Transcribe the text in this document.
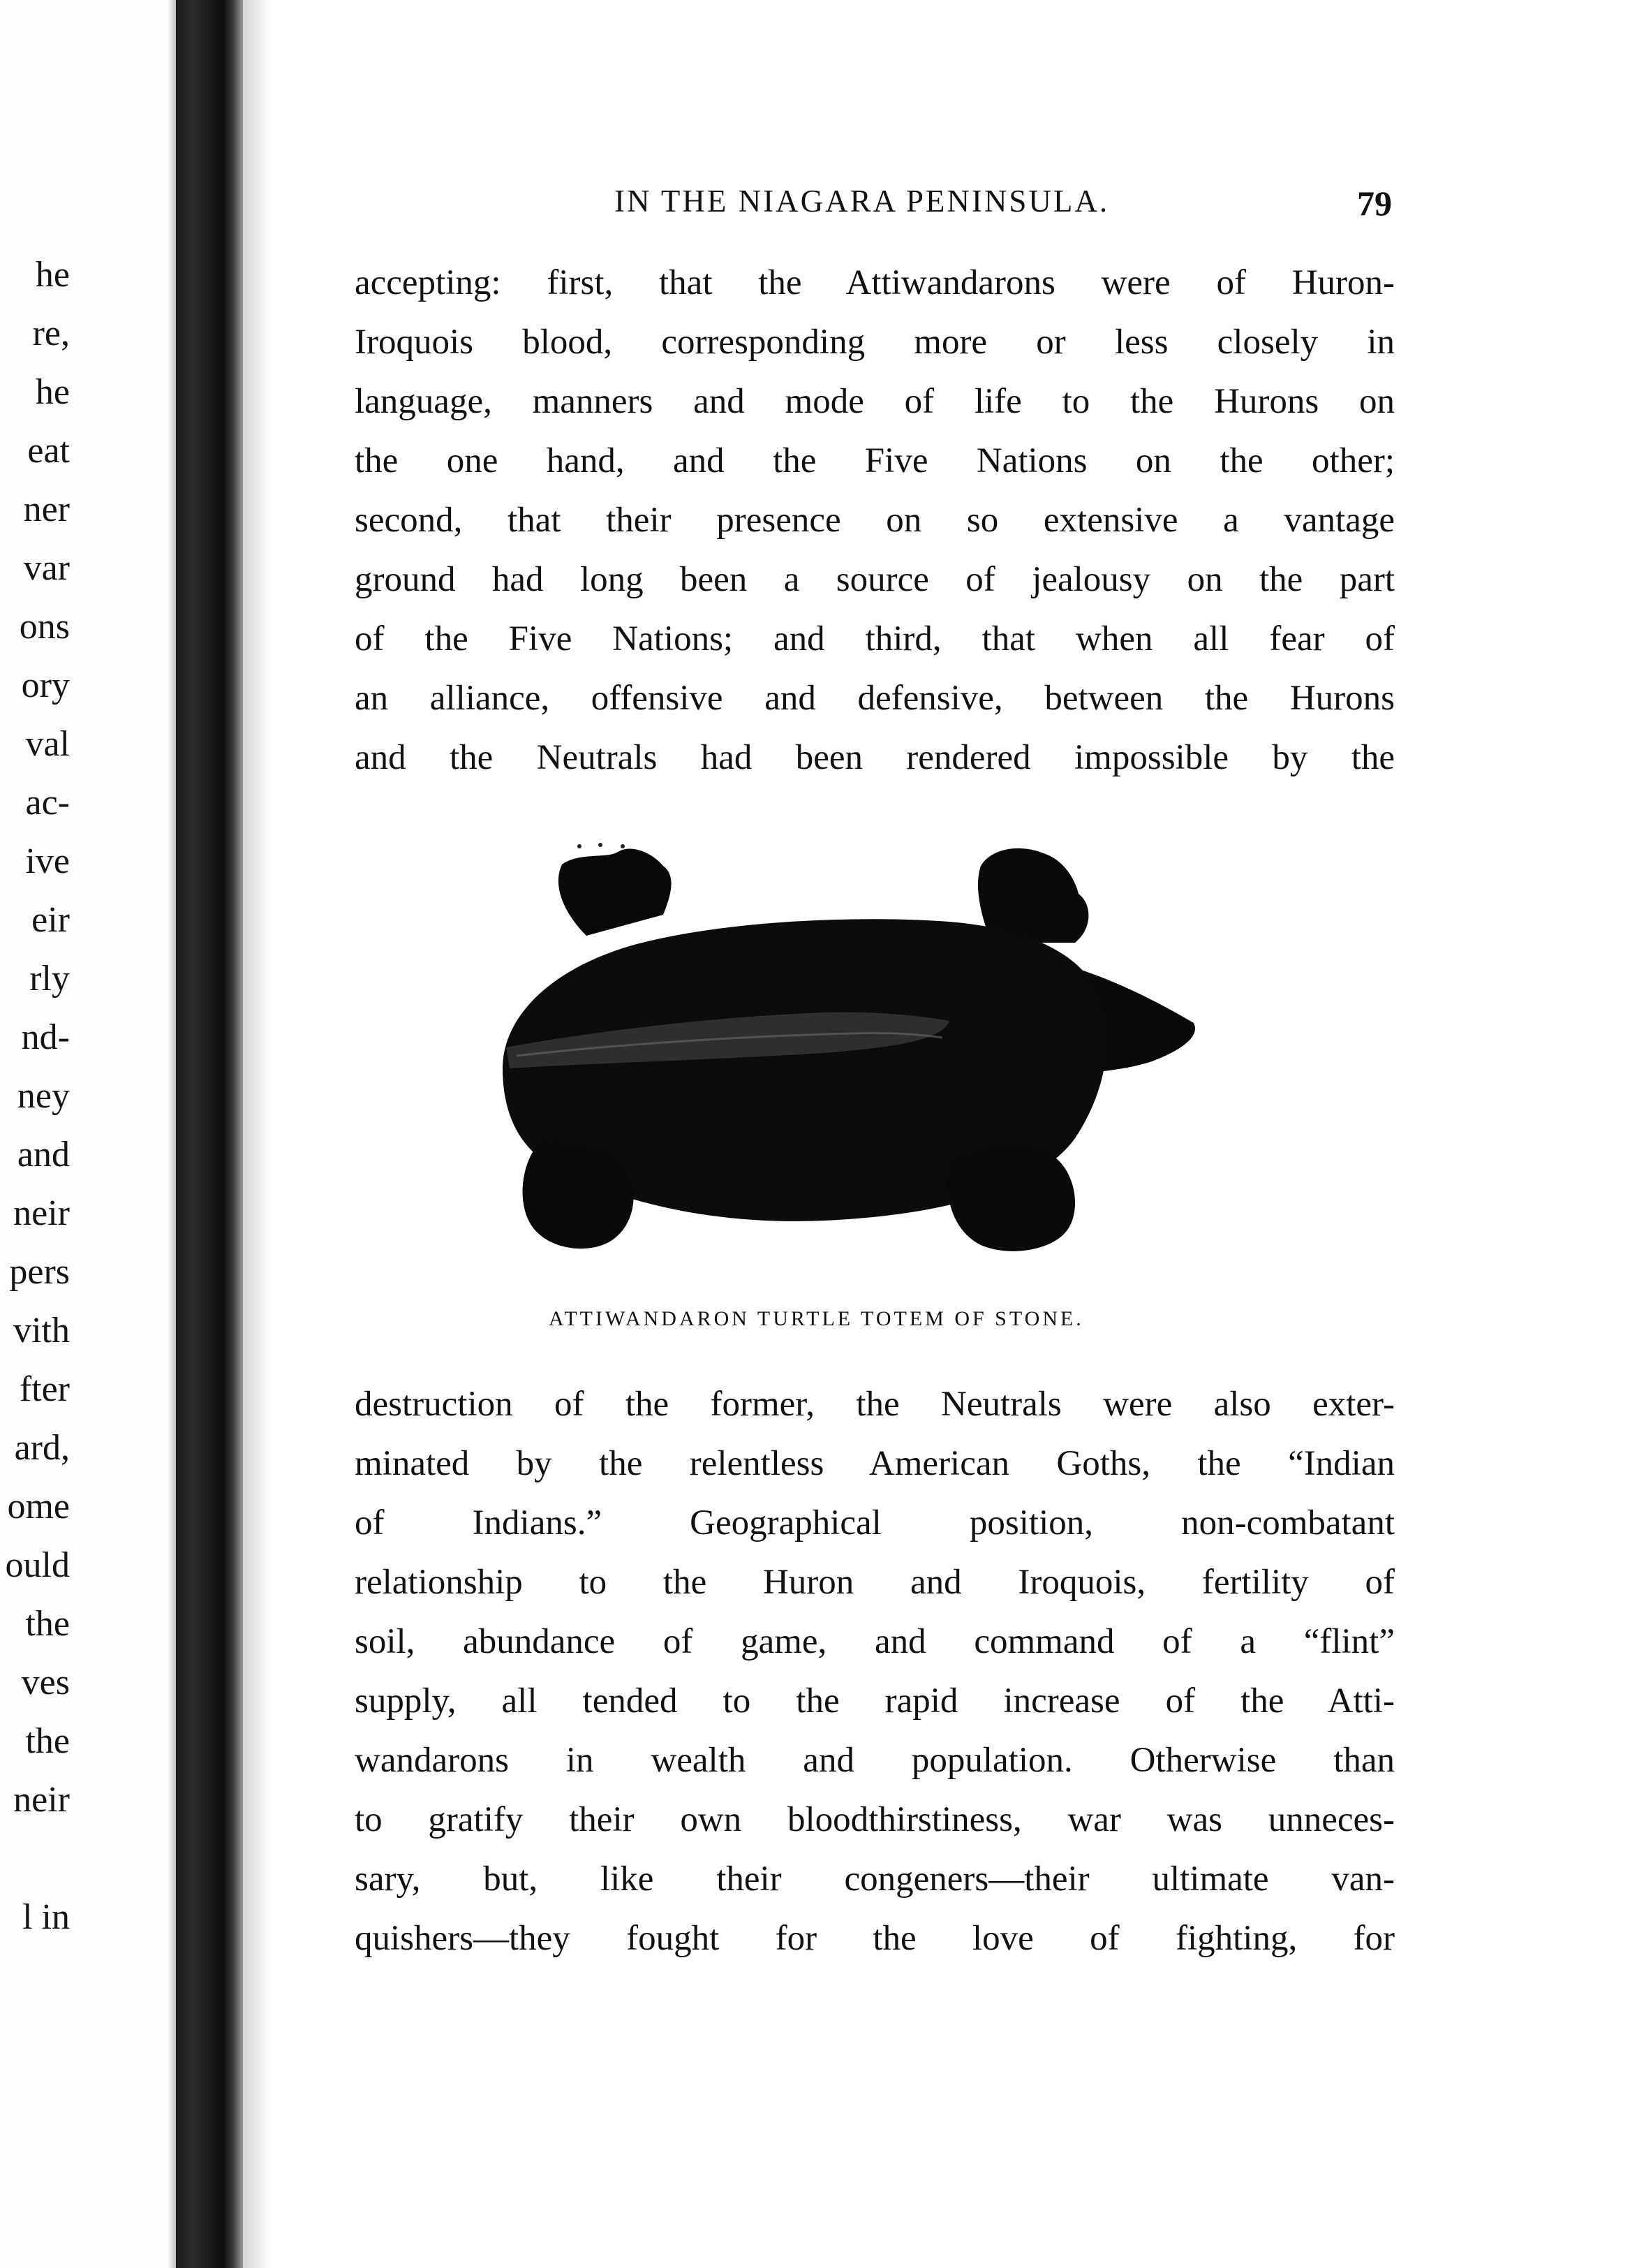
he
re,
he
eat
ner
var
ons
ory
val
ac-
ive
eir
rly
nd-
ney
and
neir
pers
vith
fter
ard,
ome
ould
the
ves
the
neir
l in
IN THE NIAGARA PENINSULA.	79
accepting: first, that the Attiwandarons were of Huron-
Iroquois blood, corresponding more or less closely in
language, manners and mode of life to the Hurons on
the one hand, and the Five Nations on the other;
second, that their presence on so extensive a vantage
ground had long been a source of jealousy on the part
of the Five Nations; and third, that when all fear of
an alliance, offensive and defensive, between the Hurons
and the Neutrals had been rendered impossible by the
ATTIWANDARON TURTLE TOTEM OF STONE.
destruction of the former, the Neutrals were also exter-
minated by the relentless American Goths, the “Indian
of Indians.” Geographical position, non-combatant
relationship to the Huron and Iroquois, fertility of
soil, abundance of game, and command of a “flint”
supply, all tended to the rapid increase of the Atti-
wandarons in wealth and population. Otherwise than
to gratify their own bloodthirstiness, war was unneces-
sary, but, like their congeners—their ultimate van-
quishers—they fought for the love of fighting, for
